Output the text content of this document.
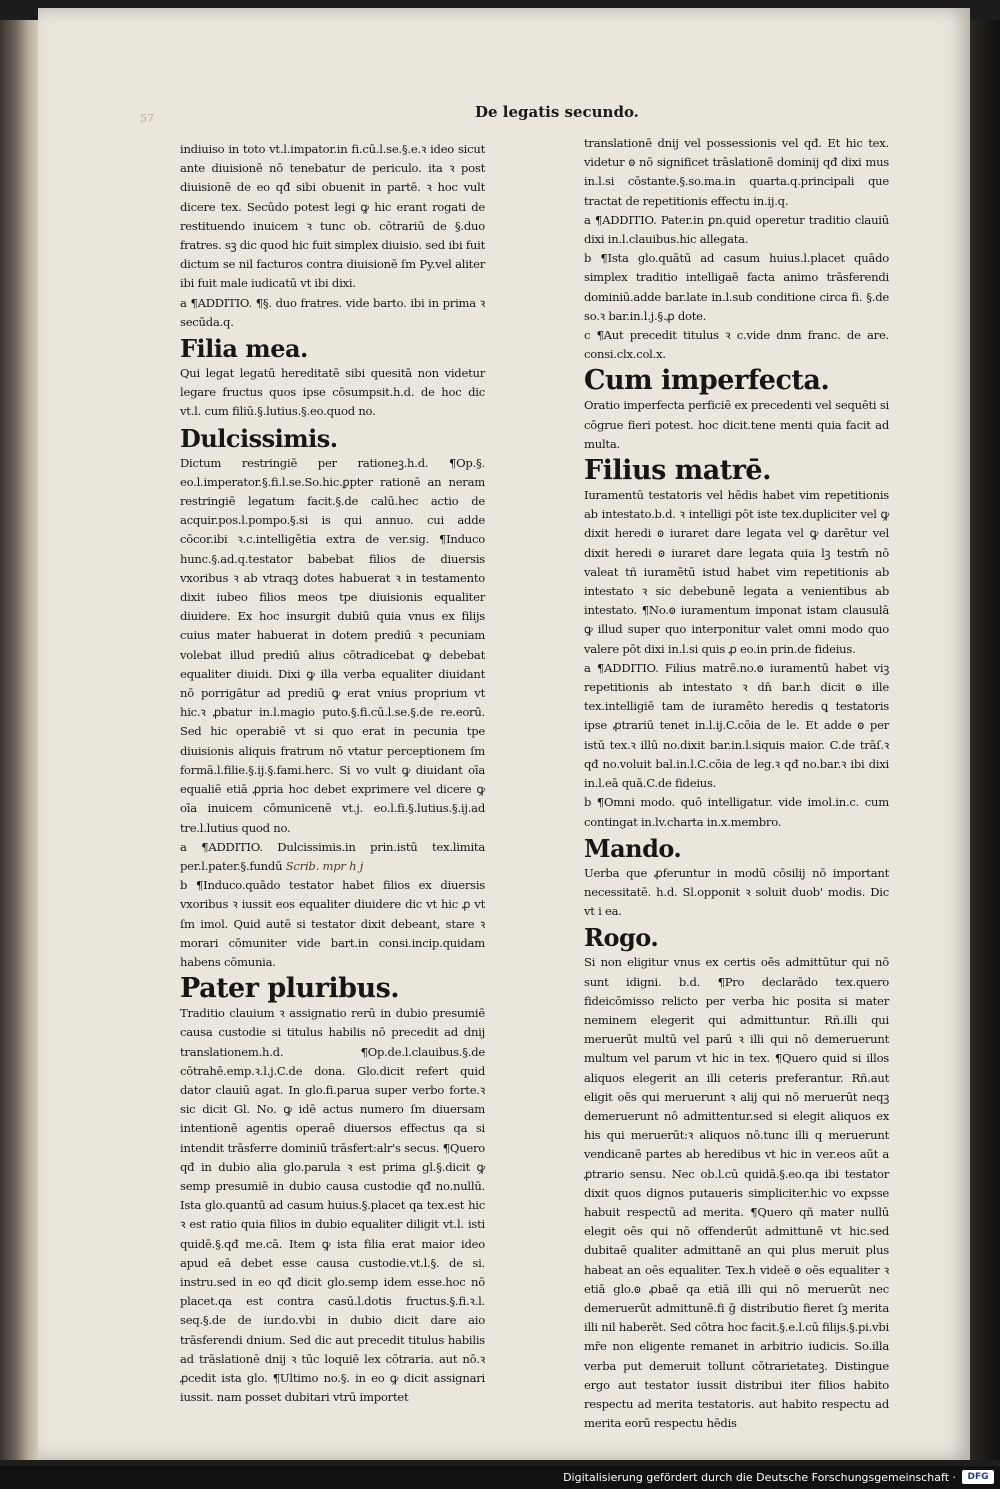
57	De legatis secundo.

indiuiso in toto vt.l.impator.in fi.cū.l.se.§.e.ꝛ ideo sicut ante diuisionē nō tenebatur de periculo. ita ꝛ post diuisionē de eo qđ sibi obuenit in partē. ꝛ hoc vult dicere tex. Secūdo potest legi ꝙ hic erant rogati de restituendo inuicem ꝛ tunc ob. cōtrariū de §.duo fratres. sꝫ dic quod hic fuit simplex diuisio. sed ibi fuit dictum se nil facturos contra diuisionē ſm Py.vel aliter ibi fuit male iudicatū vt ibi dixi.

a ¶ADDITIO. ¶§. duo fratres. vide barto. ibi in prima ꝛ secūda.q.

Filia mea.

Qui legat legatū hereditatē sibi quesitā non videtur legare fructus quos ipse cōsumpsit.h.d. de hoc dic vt.l. cum filiū.§.lutius.§.eo.quod no.

Dulcissimis.

Dictum restringiē per rationeꝫ.h.d. ¶Op.§. eo.l.imperator.§.fi.l.se.So.hic.ꝑpter rationē an neram restringiē legatum facit.§.de calū.hec actio de acquir.pos.l.pompo.§.si is qui annuo. cui adde cōcor.ibi ꝛ.c.intelligētia extra de ver.sig. ¶Induco hunc.§.ad.q.testator babebat filios de diuersis vxoribus ꝛ ab vtraqꝫ dotes habuerat ꝛ in testamento dixit iubeo filios meos tpe diuisionis equaliter diuidere. Ex hoc insurgit dubiū quia vnus ex filijs cuius mater habuerat in dotem prediū ꝛ pecuniam volebat illud prediū alius cōtradicebat ꝙ debebat equaliter diuidi. Dixi ꝙ illa verba equaliter diuidant nō porrigātur ad prediū ꝙ erat vnius proprium vt hic.ꝛ ꝓbatur in.l.magio puto.§.fi.cū.l.se.§.de re.eorū. Sed hic operabiē vt si quo erat in pecunia tpe diuisionis aliquis fratrum nō vtatur perceptionem ſm formā.l.filie.§.ij.§.fami.herc. Si vo vult ꝙ diuidant oīa equaliē etiā ꝓpria hoc debet exprimere vel dicere ꝙ oīa inuicem cōmunicenē vt.j. eo.l.fi.§.lutius.§.ij.ad tre.l.lutius quod no.

a ¶ADDITIO. Dulcissimis.in prin.istū tex.limita per.l.pater.§.fundū Scrib. mpr h j

b ¶Induco.quādo testator habet filios ex diuersis vxoribus ꝛ iussit eos equaliter diuidere dic vt hic ꝓ vt ſm imol. Quid autē si testator dixit debeant, stare ꝛ morari cōmuniter vide bart.in consi.incip.quidam habens cōmunia.

Pater pluribus.

Traditio clauium ꝛ assignatio rerū in dubio presumiē causa custodie si titulus habilis nō precedit ad dnij translationem.h.d. ¶Op.de.l.clauibus.§.de cōtrahē.emp.ꝛ.l.j.C.de dona. Glo.dicit refert quid dator clauiū agat. In glo.fi.parua super verbo forte.ꝛ sic dicit Gl. No. ꝙ idē actus numero ſm diuersam intentionē agentis operaē diuersos effectus qa si intendit trāsferre dominiū trāsfert:alr's secus. ¶Quero qđ in dubio alia glo.parula ꝛ est prima gl.§.dicit ꝙ semp presumiē in dubio causa custodie qđ no.nullū. Ista glo.quantū ad casum huius.§.placet qa tex.est hic ꝛ est ratio quia filios in dubio equaliter diligit vt.l. isti quidē.§.qđ me.cā. Item ꝙ ista filia erat maior ideo apud eā debet esse causa custodie.vt.l.§. de si. instru.sed in eo qđ dicit glo.semp idem esse.hoc nō placet.qa est contra casū.l.dotis fructus.§.fi.ꝛ.l. seq.§.de de iur.do.vbi in dubio dicit dare aio trāsferendi dnium. Sed dic aut precedit titulus habilis ad trāslationē dnij ꝛ tūc loquiē lex cōtraria. aut nō.ꝛ ꝓcedit ista glo. ¶Ultimo no.§. in eo ꝙ dicit assignari iussit. nam posset dubitari vtrū importet

translationē dnij vel possessionis vel qđ. Et hic tex. videtur ꙩ nō significet trāslationē dominij qđ dixi mus in.l.si cōstante.§.so.ma.in quarta.q.principali que tractat de repetitionis effectu in.ij.q.

a ¶ADDITIO. Pater.in ꝑn.quid operetur traditio clauiū dixi in.l.clauibus.hic allegata.

b ¶Ista glo.quātū ad casum huius.l.placet quādo simplex traditio intelligaē facta animo trāsferendi dominiū.adde bar.late in.l.sub conditione circa fi. §.de so.ꝛ bar.in.l.j.§.ꝓ dote.

c ¶Aut precedit titulus ꝛ c.vide dnm franc. de are. consi.clx.col.x.

Cum imperfecta.

Oratio imperfecta perficiē ex precedenti vel sequēti si cōgrue fieri potest. hoc dicit.tene menti quia facit ad multa.

Filius matrē.

Iuramentū testatoris vel hēdis habet vim repetitionis ab intestato.b.d. ꝛ intelligi pōt iste tex.dupliciter vel ꝙ dixit heredi ꙩ iuraret dare legata vel ꝙ darētur vel dixit heredi ꙩ iuraret dare legata quia lꝫ testm̄ nō valeat tñ iuramētū istud habet vim repetitionis ab intestato ꝛ sic debebunē legata a venientibus ab intestato. ¶No.ꙩ iuramentum imponat istam clausulā ꝙ illud super quo interponitur valet omni modo quo valere pōt dixi in.l.si quis ꝓ eo.in prin.de fideius.

a ¶ADDITIO. Filius matrē.no.ꙩ iuramentū habet viꝫ repetitionis ab intestato ꝛ dn̄ bar.h dicit ꙩ ille tex.intelligiē tam de iuramēto heredis ꝗ testatoris ipse ꝓtrariū tenet in.l.ij.C.cōia de le. Et adde ꙩ per istū tex.ꝛ illū no.dixit bar.in.l.siquis maior. C.de trāſ.ꝛ qđ no.voluit bal.in.l.C.cōia de leg.ꝛ qđ no.bar.ꝛ ibi dixi in.l.eā quā.C.de fideius.

b ¶Omni modo. quō intelligatur. vide imol.in.c. cum contingat in.lv.charta in.x.membro.

Mando.

Uerba que ꝓferuntur in modū cōsilij nō important necessitatē. h.d. Sl.opponit ꝛ soluit duob' modis. Dic vt i ea.

Rogo.

Si non eligitur vnus ex certis oēs admittūtur qui nō sunt idigni. b.d. ¶Pro declarādo tex.quero fideicōmisso relicto per verba hic posita si mater neminem elegerit qui admittuntur. Rñ.illi qui meruerūt multū vel parū ꝛ illi qui nō demeruerunt multum vel parum vt hic in tex. ¶Quero quid si illos aliquos elegerit an illi ceteris preferantur. Rñ.aut eligit oēs qui meruerunt ꝛ alij qui nō meruerūt neqꝫ demeruerunt nō admittentur.sed si elegit aliquos ex his qui meruerūt:ꝛ aliquos nō.tunc illi q meruerunt vendicanē partes ab heredibus vt hic in ver.eos aūt a ꝓtrario sensu. Nec ob.l.cū quidā.§.eo.qa ibi testator dixit quos dignos putaueris simpliciter.hic vo expsse habuit respectū ad merita. ¶Quero qñ mater nullū elegit oēs qui nō offenderūt admittunē vt hic.sed dubitaē qualiter admittanē an qui plus meruit plus habeat an oēs equaliter. Tex.h videē ꙩ oēs equaliter ꝛ etiā glo.ꙩ ꝓbaē qa etiā illi qui nō meruerūt nec demeruerūt admittunē.fi ḡ distributio fieret ſꝫ merita illi nil haberēt. Sed cōtra hoc facit.§.e.l.cū filijs.§.pi.vbi mr̄e non eligente remanet in arbitrio iudicis. So.illa verba put demeruit tollunt cōtrarietateꝫ. Distingue ergo aut testator iussit distribui iter filios habito respectu ad merita testatoris. aut habito respectu ad merita eorū respectu hēdis

Digitalisierung gefördert durch die Deutsche Forschungsgemeinschaft ·	DFG
